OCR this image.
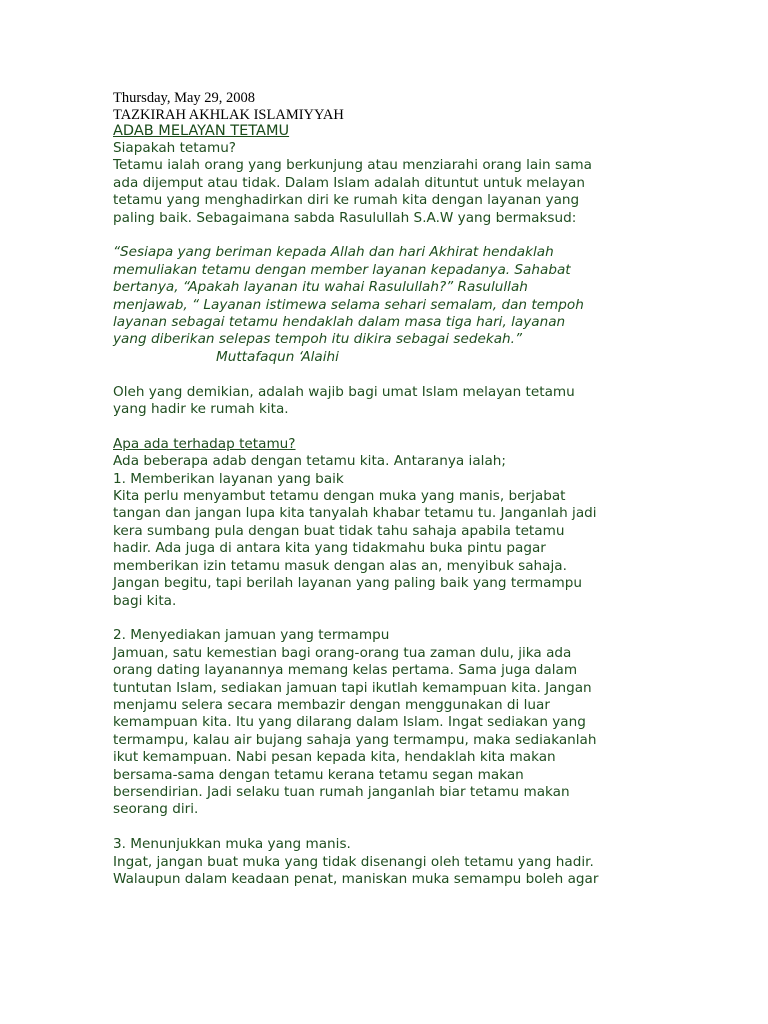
Thursday, May 29, 2008
TAZKIRAH AKHLAK ISLAMIYYAH
ADAB MELAYAN TETAMU

Siapakah tetamu?

Tetamu ialah orang yang berkunjung atau menziarahi orang lain sama

ada dijemput atau tidak. Dalam Islam adalah dituntut untuk melayan

tetamu yang menghadirkan diri ke rumah kita dengan layanan yang

paling baik. Sebagaimana sabda Rasulullah S.A.W yang bermaksud:

“Sesiapa yang beriman kepada Allah dan hari Akhirat hendaklah

memuliakan tetamu dengan member layanan kepadanya. Sahabat

bertanya, “Apakah layanan itu wahai Rasulullah?” Rasulullah

menjawab, “ Layanan istimewa selama sehari semalam, dan tempoh

layanan sebagai tetamu hendaklah dalam masa tiga hari, layanan

yang diberikan selepas tempoh itu dikira sebagai sedekah.”

Muttafaqun ‘Alaihi

Oleh yang demikian, adalah wajib bagi umat Islam melayan tetamu

yang hadir ke rumah kita.

Apa ada terhadap tetamu?

Ada beberapa adab dengan tetamu kita. Antaranya ialah;

1. Memberikan layanan yang baik

Kita perlu menyambut tetamu dengan muka yang manis, berjabat

tangan dan jangan lupa kita tanyalah khabar tetamu tu. Janganlah jadi

kera sumbang pula dengan buat tidak tahu sahaja apabila tetamu

hadir. Ada juga di antara kita yang tidakmahu buka pintu pagar

memberikan izin tetamu masuk dengan alas an, menyibuk sahaja.

Jangan begitu, tapi berilah layanan yang paling baik yang termampu

bagi kita.

2. Menyediakan jamuan yang termampu

Jamuan, satu kemestian bagi orang-orang tua zaman dulu, jika ada

orang dating layanannya memang kelas pertama. Sama juga dalam

tuntutan Islam, sediakan jamuan tapi ikutlah kemampuan kita. Jangan

menjamu selera secara membazir dengan menggunakan di luar

kemampuan kita. Itu yang dilarang dalam Islam. Ingat sediakan yang

termampu, kalau air bujang sahaja yang termampu, maka sediakanlah

ikut kemampuan. Nabi pesan kepada kita, hendaklah kita makan

bersama-sama dengan tetamu kerana tetamu segan makan

bersendirian. Jadi selaku tuan rumah janganlah biar tetamu makan

seorang diri.

3. Menunjukkan muka yang manis.

Ingat, jangan buat muka yang tidak disenangi oleh tetamu yang hadir.

Walaupun dalam keadaan penat, maniskan muka semampu boleh agar
